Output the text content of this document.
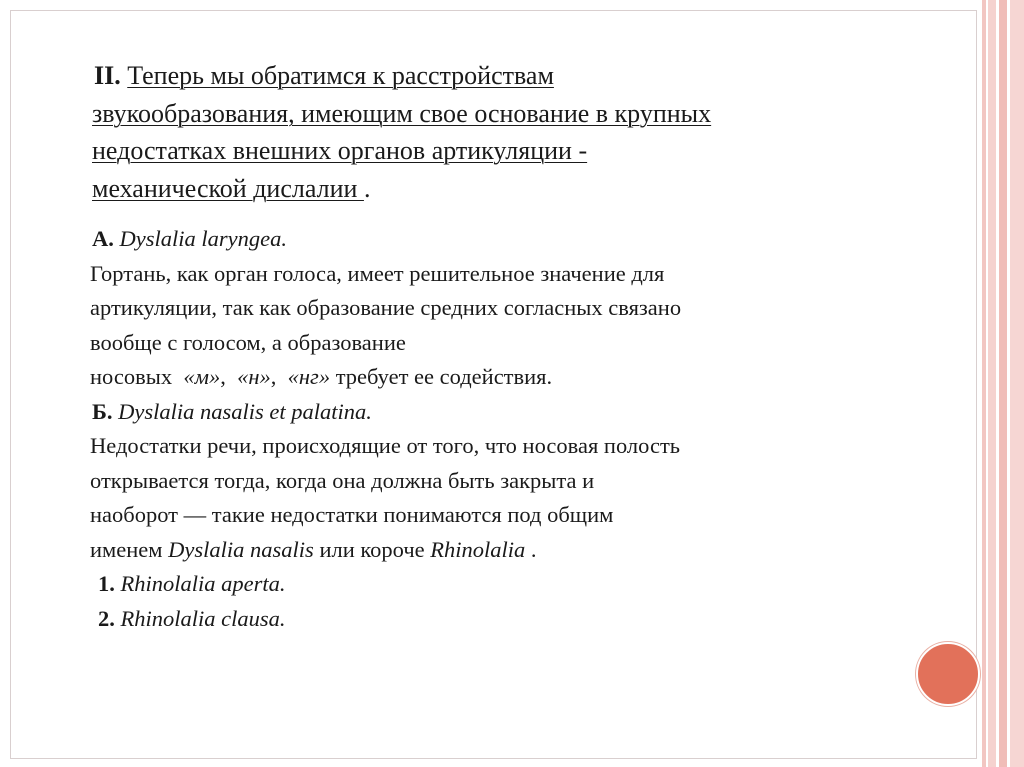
II. Теперь мы обратимся к расстройствам
звукообразования, имеющим свое основание в крупных
недостатках внешних органов артикуляции -
механической дислалии .
А. Dyslalia laryngea.
Гортань, как орган голоса, имеет решительное значение для
артикуляции, так как образование средних согласных связано
вообще с голосом, а образование
носовых  «м»,  «н»,  «нг» требует ее содействия.
Б. Dyslalia nasalis et palatina.
Недостатки речи, происходящие от того, что носовая полость
открывается тогда, когда она должна быть закрыта и
наоборот — такие недостатки понимаются под общим
именем Dyslalia nasalis или короче Rhinolalia .
1. Rhinolalia aperta.
2. Rhinolalia clausa.
